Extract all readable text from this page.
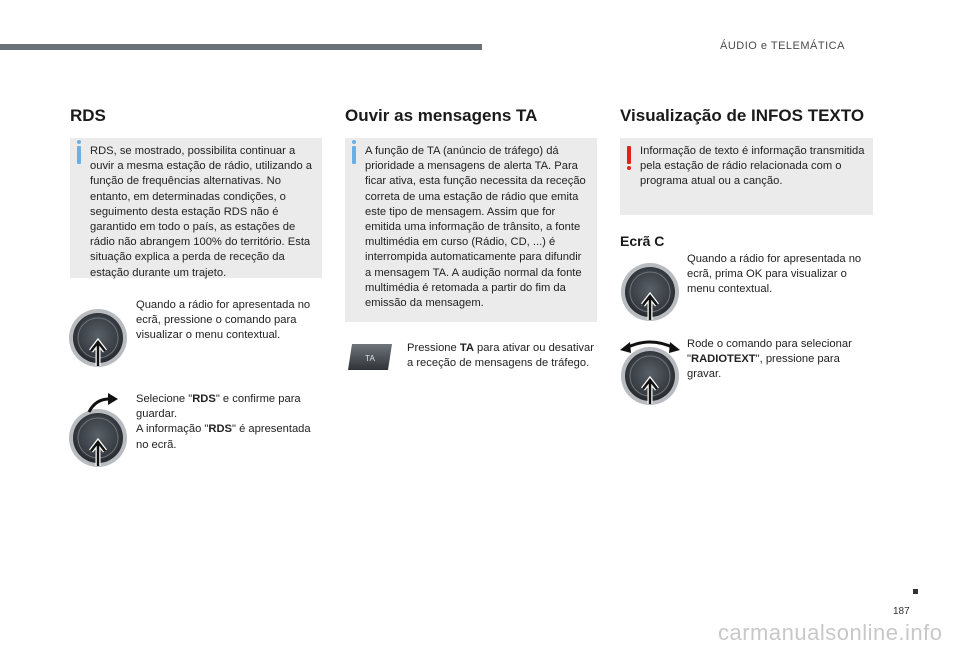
ÁUDIO e TELEMÁTICA
RDS
RDS, se mostrado, possibilita continuar a ouvir a mesma estação de rádio, utilizando a função de frequências alternativas. No entanto, em determinadas condições, o seguimento desta estação RDS não é garantido em todo o país, as estações de rádio não abrangem 100% do território. Esta situação explica a perda de receção da estação durante um trajeto.
Quando a rádio for apresentada no ecrã, pressione o comando para visualizar o menu contextual.
Selecione "RDS" e confirme para guardar.
A informação "RDS" é apresentada no ecrã.
Ouvir as mensagens TA
A função de TA (anúncio de tráfego) dá prioridade a mensagens de alerta TA. Para ficar ativa, esta função necessita da receção correta de uma estação de rádio que emita este tipo de mensagem. Assim que for emitida uma informação de trânsito, a fonte multimédia em curso (Rádio, CD, ...) é interrompida automaticamente para difundir a mensagem TA. A audição normal da fonte multimédia é retomada a partir do fim da emissão da mensagem.
TA
Pressione TA para ativar ou desativar a receção de mensagens de tráfego.
Visualização de INFOS TEXTO
Informação de texto é informação transmitida pela estação de rádio relacionada com o programa atual ou a canção.
Ecrã C
Quando a rádio for apresentada no ecrã, prima OK para visualizar o menu contextual.
Rode o comando para selecionar "RADIOTEXT", pressione para gravar.
187
carmanualsonline.info
